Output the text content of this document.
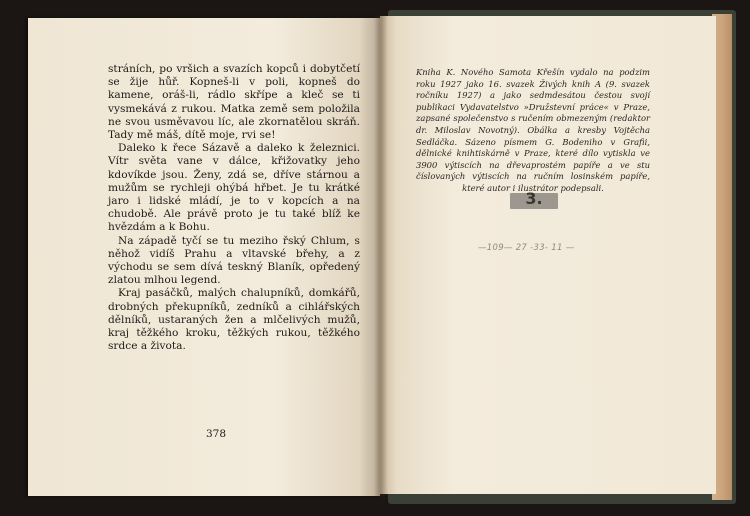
stráních, po vršich a svazích kopců i dobytčetí se žije hůř. Kopneš-li v poli, kopneš do kamene, oráš-li, rádlo skřípe a kleč se ti vysmekává z rukou. Matka země sem položila ne svou usměvavou líc, ale zkornatělou skráň. Tady mě máš, dítě moje, rvi se!

Daleko k řece Sázavě a daleko k železnici. Vítr světa vane v dálce, křižovatky jeho kdovíkde jsou. Ženy, zdá se, dříve stárnou a mužům se rychleji ohýbá hřbet. Je tu krátké jaro i lidské mládí, je to v kopcích a na chudobě. Ale právě proto je tu také blíž ke hvězdám a k Bohu.

Na západě tyčí se tu meziho řský Chlum, s něhož vidíš Prahu a vltavské břehy, a z východu se sem dívá teskný Blaník, opředený zlatou mlhou legend.

Kraj pasáčků, malých chalupníků, domkářů, drobných překupníků, zedníků a cihlářských dělníků, ustaraných žen a mlčelivých mužů, kraj těžkého kroku, těžkých rukou, těžkého srdce a života.

378

Kniha K. Nového Samota Křešín vydalo na podzim roku 1927 jako 16. svazek Živých knih A (9. svazek ročníku 1927) a jako sedmdesátou čestou svojí publikaci Vydavatelstvo »Družstevní práce« v Praze, zapsané společenstvo s ručením obmezeným (redaktor dr. Miloslav Novotný). Obálka a kresby Vojtěcha Sedláčka. Sázeno písmem G. Bodeniho v Grafii, dělnické knihtiskárně v Praze, které dílo vytiskla ve 3900 výtiscích na dřevaprostém papíře a ve stu číslovaných výtiscích na ručním losinském papíře, které autor i ilustrátor podepsali.

3.
—109— 27 -33- 11 —
